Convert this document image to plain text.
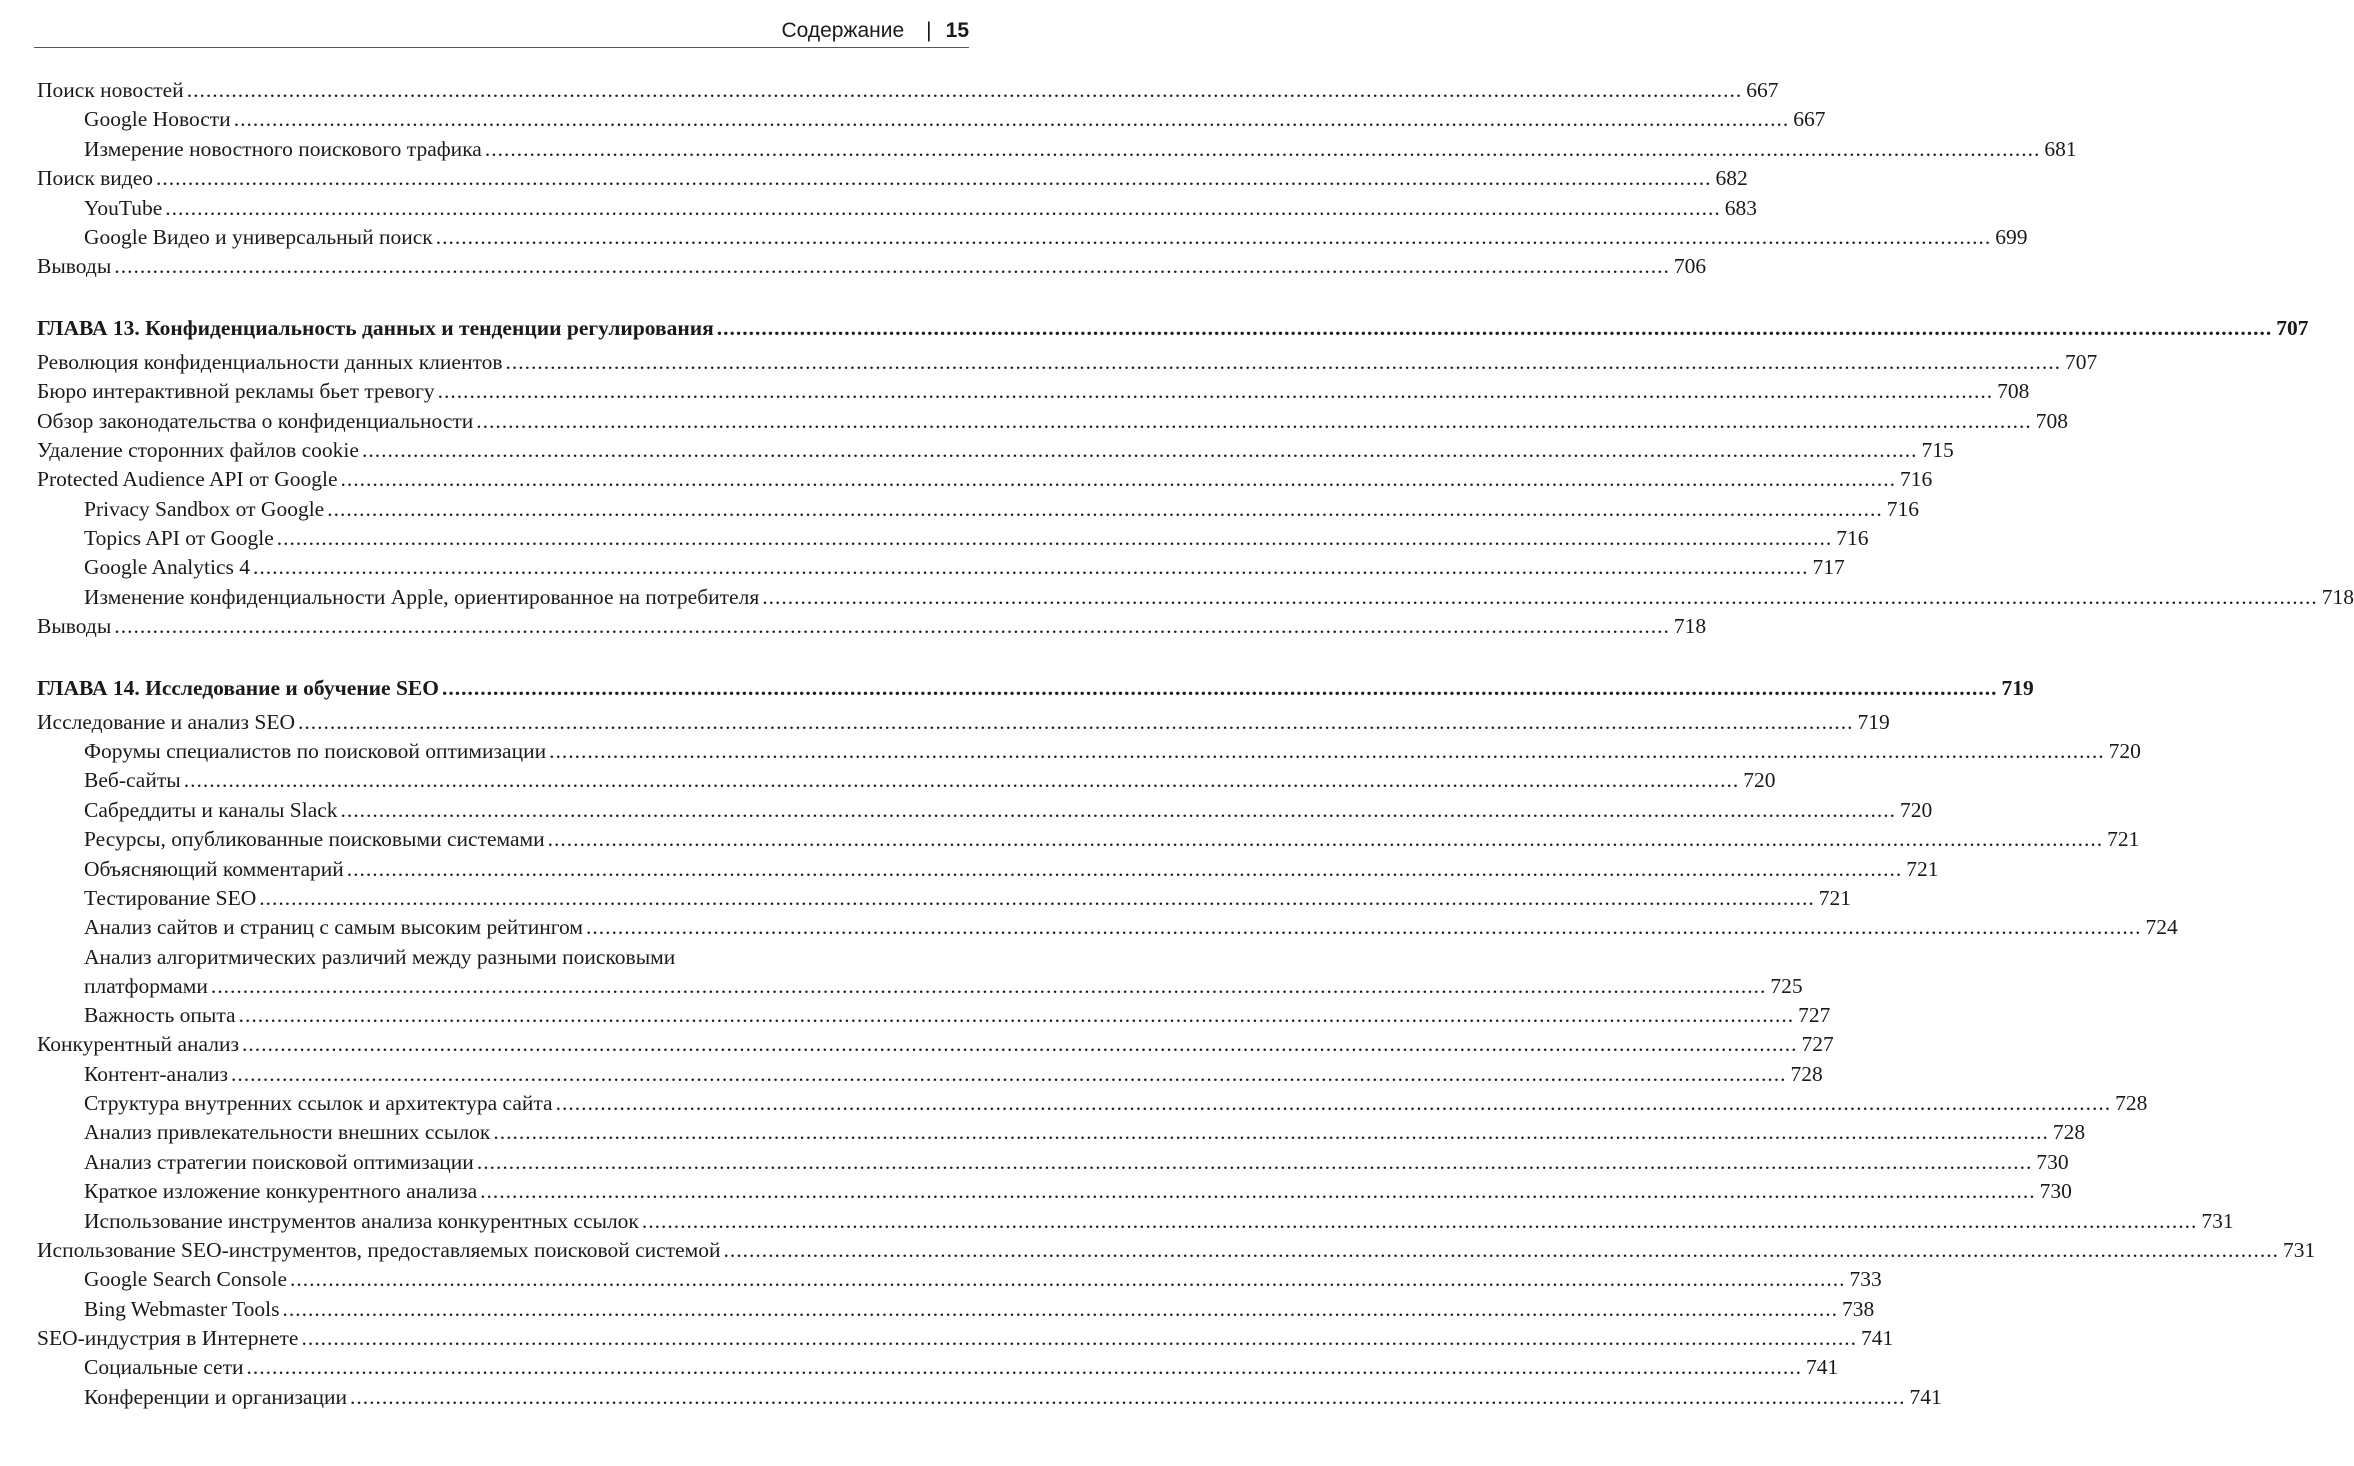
Содержание | 15
Поиск новостей .....	667
Google Новости .....	667
Измерение новостного поискового трафика .....	681
Поиск видео .....	682
YouTube .....	683
Google Видео и универсальный поиск .....	699
Выводы .....	706
ГЛАВА 13. Конфиденциальность данных и тенденции регулирования .....	707
Революция конфиденциальности данных клиентов .....	707
Бюро интерактивной рекламы бьет тревогу .....	708
Обзор законодательства о конфиденциальности .....	708
Удаление сторонних файлов cookie .....	715
Protected Audience API от Google .....	716
Privacy Sandbox от Google .....	716
Topics API от Google .....	716
Google Analytics 4 .....	717
Изменение конфиденциальности Apple, ориентированное на потребителя .....	718
Выводы .....	718
ГЛАВА 14. Исследование и обучение SEO .....	719
Исследование и анализ SEO .....	719
Форумы специалистов по поисковой оптимизации .....	720
Веб-сайты .....	720
Сабреддиты и каналы Slack .....	720
Ресурсы, опубликованные поисковыми системами .....	721
Объясняющий комментарий .....	721
Тестирование SEO .....	721
Анализ сайтов и страниц с самым высоким рейтингом .....	724
Анализ алгоритмических различий между разными поисковыми
платформами .....	725
Важность опыта .....	727
Конкурентный анализ .....	727
Контент-анализ .....	728
Структура внутренних ссылок и архитектура сайта .....	728
Анализ привлекательности внешних ссылок .....	728
Анализ стратегии поисковой оптимизации .....	730
Краткое изложение конкурентного анализа .....	730
Использование инструментов анализа конкурентных ссылок .....	731
Использование SEO-инструментов, предоставляемых поисковой системой .....	731
Google Search Console .....	733
Bing Webmaster Tools .....	738
SEO-индустрия в Интернете .....	741
Социальные сети .....	741
Конференции и организации .....	741
